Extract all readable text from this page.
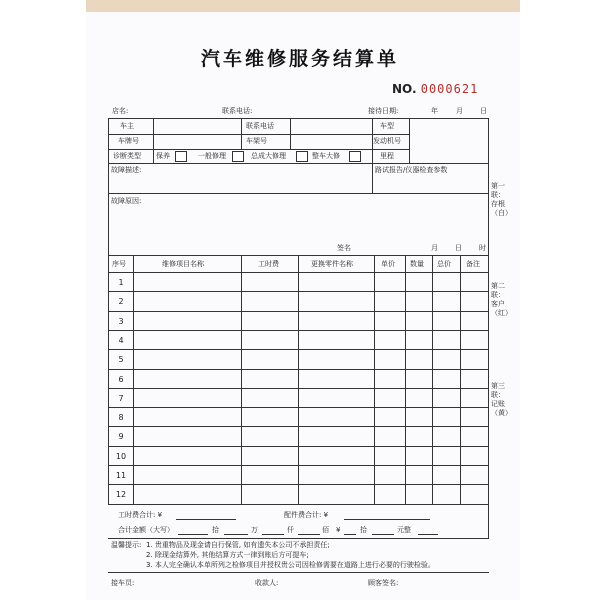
汽车维修服务结算单
NO. 0000621
店名:	联系电话:	接待日期:	年	月 日
车主	联系电话	车型
车牌号	车架号	发动机号
诊断类型 保养	一般修理	总成大修理	整车大修	里程
故障描述:	路试报告/仪器检查参数
故障原因:
签名	月 日 时
序号	维修项目名称	工时费	更换零件名称	单价 数量 总价 备注
1
2
3
4
5
6
7
8
9
10
11
12
工时费合计: ¥	配件费合计: ¥
合计金额（大写）	拾	万	仟	佰 ¥	拾	元整
温馨提示: 1. 贵重物品及现金请自行保管, 如有遗失本公司不承担责任;
2. 除现金结算外, 其他结算方式一律到账后方可提车;
3. 本人完全确认本单所列之检修项目并授权贵公司因检修需要在道路上进行必要的行驶检验。
接车员:	收款人:	顾客签名:
第一联：存根（白）
第二联：客户（红）
第三联：记账（黄）
